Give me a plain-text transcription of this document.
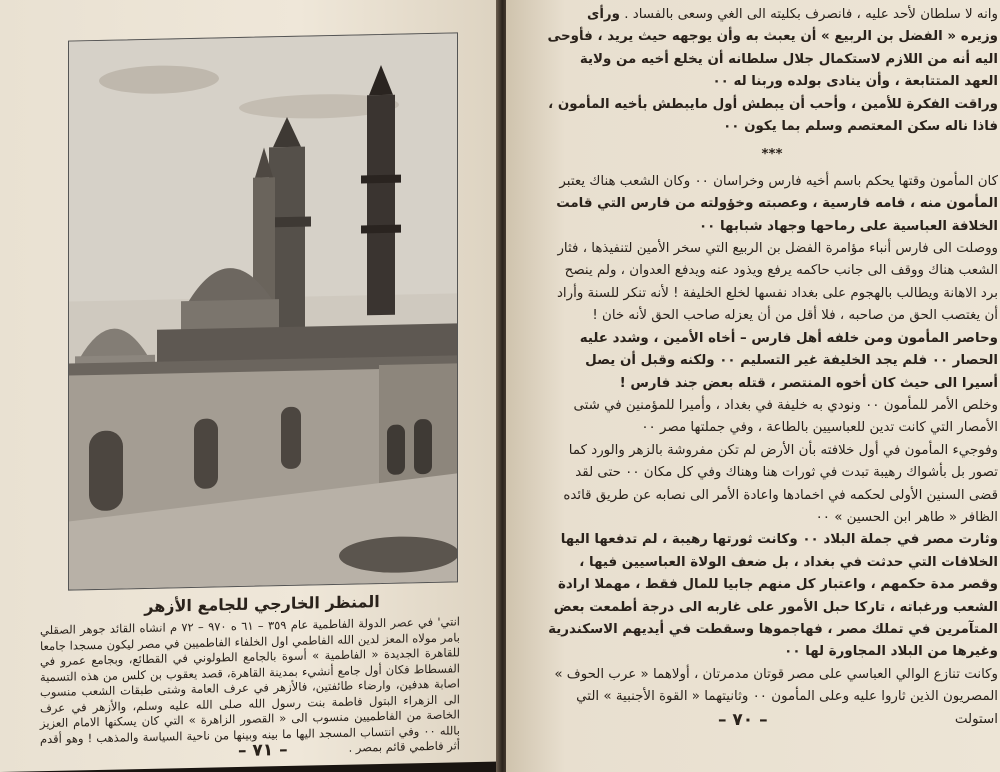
المنظر الخارجي للجامع الأزهر
انتي' في عصر الدولة الفاطمية عام ٣٥٩ – ٦١ ه ٩٧٠ – ٧٢ م انشاه القائد جوهر الصقلي بامر مولاه المعز لدين الله الفاطمي اول الخلفاء الفاطميين في مصر ليكون مسجدا جامعا للقاهرة الجديدة « الفاطمية » أسوة بالجامع الطولوني في القطائع، وبجامع عمرو في الفسطاط فكان أول جامع أنشيء بمدينة القاهرة، قصد يعقوب بن كلس من هذه التسمية اصابة هدفين، وارضاء طائفتين، فالأزهر في عرف العامة وشتى طبقات الشعب منسوب الى الزهراء البتول فاطمة بنت رسول الله صلى الله عليه وسلم، والأزهر في عرف الخاصة من الفاطميين منسوب الى « القصور الزاهرة » التي كان يسكنها الامام العزيز بالله ٠٠ وفي انتساب المسجد اليها ما بينه وبينها من ناحية السياسة والمذهب ! وهو أقدم أثر فاطمي قائم بمصر .
– ٧١ –

وانه لا سلطان لأحد عليه ، فانصرف بكليته الى الغي وسعى بالفساد . ورأى وزيره « الفضل بن الربيع » أن يعبث به وأن يوجهه حيث يريد ، فأوحى اليه أنه من اللازم لاستكمال جلال سلطانه أن يخلع أخيه من ولاية العهد المتتابعة ، وأن ينادى بولده وربنا له ٠٠

وراقت الفكرة للأمين ، وأحب أن يبطش أول مايبطش بأخيه المأمون ، فاذا ناله سكن المعتصم وسلم بما يكون ٠٠

***

كان المأمون وقتها يحكم باسم أخيه فارس وخراسان ٠٠ وكان الشعب هناك يعتبر المأمون منه ، فامه فارسية ، وعصبته وخؤولته من فارس التي قامت الخلافة العباسية على رماحها وجهاد شبابها ٠٠

ووصلت الى فارس أنباء مؤامرة الفضل بن الربيع التي سخر الأمين لتنفيذها ، فثار الشعب هناك ووقف الى جانب حاكمه يرفع ويذود عنه ويدفع العدوان ، ولم ينصح برد الاهانة ويطالب بالهجوم على بغداد نفسها لخلع الخليفة ! لأنه تنكر للسنة وأراد أن يغتصب الحق من صاحبه ، فلا أقل من أن يعزله صاحب الحق لأنه خان !

وحاصر المأمون ومن خلفه أهل فارس – أخاه الأمين ، وشدد عليه الحصار ٠٠ فلم يجد الخليفة غير التسليم ٠٠ ولكنه وقبل أن يصل أسيرا الى حيث كان أخوه المنتصر ، قتله بعض جند فارس !

وخلص الأمر للمأمون ٠٠ ونودي به خليفة في بغداد ، وأميرا للمؤمنين في شتى الأمصار التي كانت تدين للعباسيين بالطاعة ، وفي جملتها مصر ٠٠

وفوجيء المأمون في أول خلافته بأن الأرض لم تكن مفروشة بالزهر والورد كما تصور بل بأشواك رهيبة تبدت في ثورات هنا وهناك وفي كل مكان ٠٠ حتى لقد قضى السنين الأولى لحكمه في اخمادها واعادة الأمر الى نصابه عن طريق قائده الظافر « طاهر ابن الحسين » ٠٠

وثارت مصر في جملة البلاد ٠٠ وكانت ثورتها رهيبة ، لم تدفعها اليها الخلافات التي حدثت في بغداد ، بل ضعف الولاة العباسيين فيها ، وقصر مدة حكمهم ، واعتبار كل منهم جابيا للمال فقط ، مهملا ارادة الشعب ورغباته ، تاركا حبل الأمور على غاربه الى درجة أطمعت بعض المتآمرين في تملك مصر ، فهاجموها وسقطت في أيديهم الاسكندرية وغيرها من البلاد المجاورة لها ٠٠

وكانت تنازع الوالي العباسي على مصر قوتان مدمرتان ، أولاهما « عرب الحوف » المصريون الذين ثاروا عليه وعلى المأمون ٠٠ وثانيتهما « القوة الأجنبية » التي استولت

– ٧٠ –
